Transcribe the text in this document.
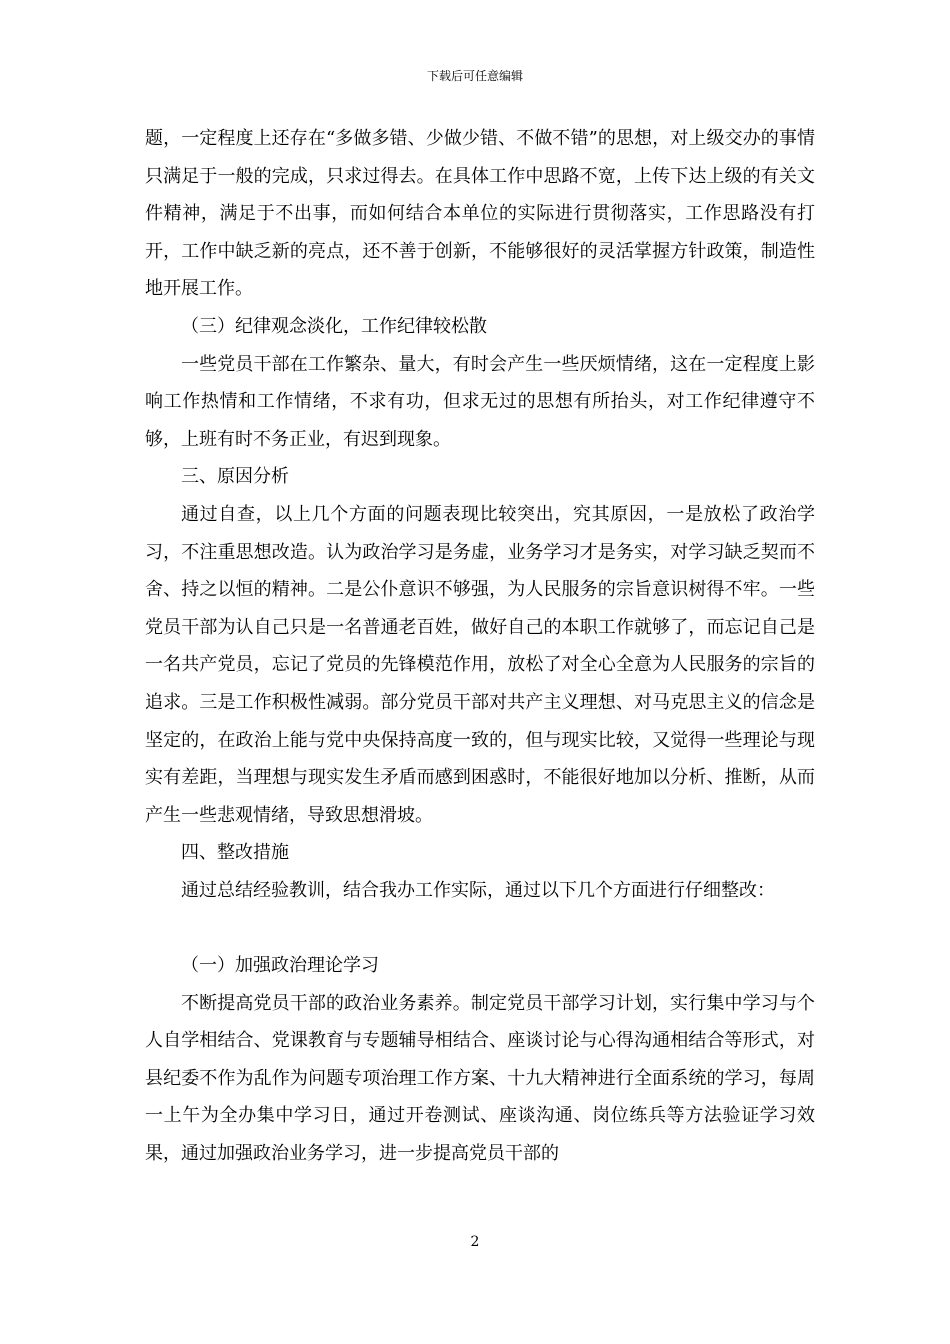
下载后可任意编辑

题，一定程度上还存在“多做多错、少做少错、不做不错”的思想，对上级交办的事情只满足于一般的完成，只求过得去。在具体工作中思路不宽，上传下达上级的有关文件精神，满足于不出事，而如何结合本单位的实际进行贯彻落实，工作思路没有打开，工作中缺乏新的亮点，还不善于创新，不能够很好的灵活掌握方针政策，制造性地开展工作。

（三）纪律观念淡化，工作纪律较松散

一些党员干部在工作繁杂、量大，有时会产生一些厌烦情绪，这在一定程度上影响工作热情和工作情绪，不求有功，但求无过的思想有所抬头，对工作纪律遵守不够，上班有时不务正业，有迟到现象。

三、原因分析

通过自查，以上几个方面的问题表现比较突出，究其原因，一是放松了政治学习，不注重思想改造。认为政治学习是务虚，业务学习才是务实，对学习缺乏契而不舍、持之以恒的精神。二是公仆意识不够强，为人民服务的宗旨意识树得不牢。一些党员干部为认自己只是一名普通老百姓，做好自己的本职工作就够了，而忘记自己是一名共产党员，忘记了党员的先锋模范作用，放松了对全心全意为人民服务的宗旨的追求。三是工作积极性减弱。部分党员干部对共产主义理想、对马克思主义的信念是坚定的，在政治上能与党中央保持高度一致的，但与现实比较，又觉得一些理论与现实有差距，当理想与现实发生矛盾而感到困惑时，不能很好地加以分析、推断，从而产生一些悲观情绪，导致思想滑坡。

四、整改措施

通过总结经验教训，结合我办工作实际，通过以下几个方面进行仔细整改：

（一）加强政治理论学习

不断提高党员干部的政治业务素养。制定党员干部学习计划，实行集中学习与个人自学相结合、党课教育与专题辅导相结合、座谈讨论与心得沟通相结合等形式，对县纪委不作为乱作为问题专项治理工作方案、十九大精神进行全面系统的学习，每周一上午为全办集中学习日，通过开卷测试、座谈沟通、岗位练兵等方法验证学习效果，通过加强政治业务学习，进一步提高党员干部的

2
